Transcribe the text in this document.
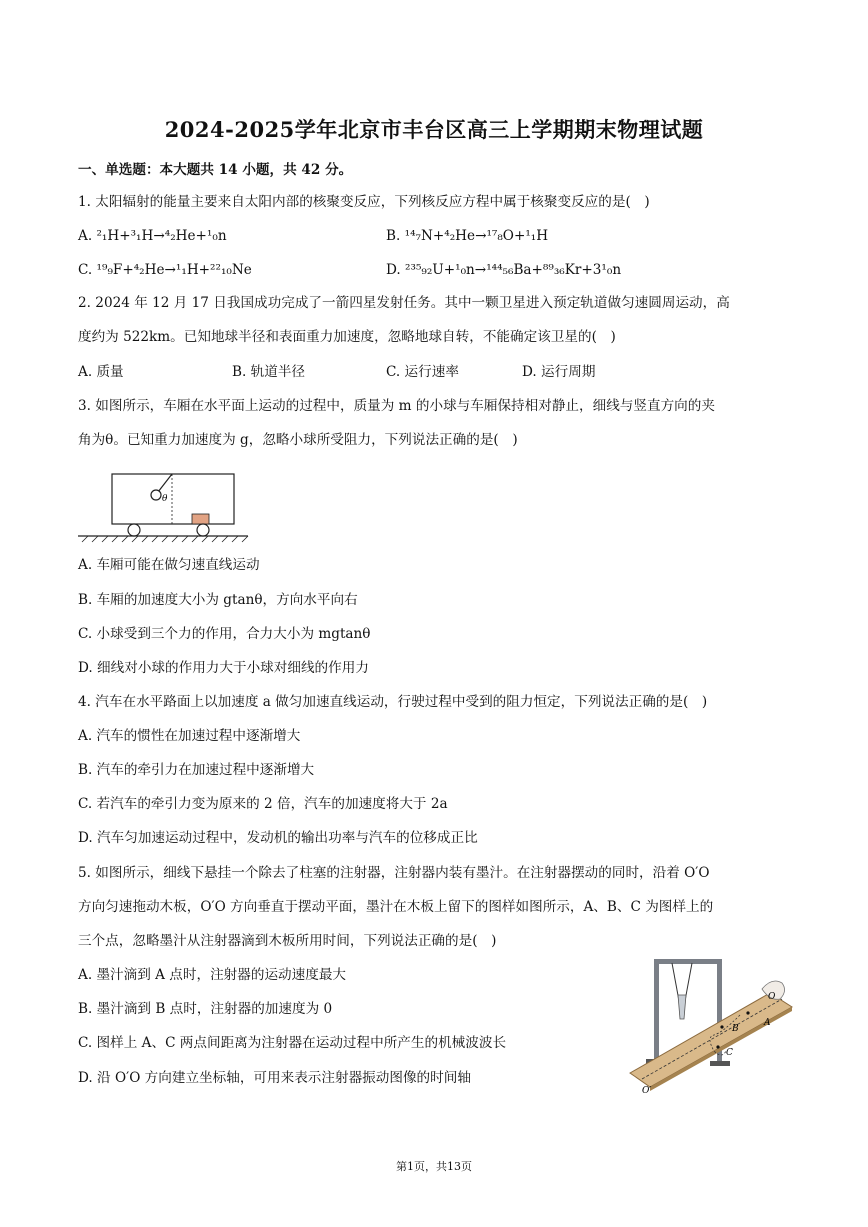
2024-2025学年北京市丰台区高三上学期期末物理试题
一、单选题：本大题共 14 小题，共 42 分。
1. 太阳辐射的能量主要来自太阳内部的核聚变反应，下列核反应方程中属于核聚变反应的是(　)
A. ²₁H+³₁H→⁴₂He+¹₀n	B. ¹⁴₇N+⁴₂He→¹⁷₈O+¹₁H
C. ¹⁹₉F+⁴₂He→¹₁H+²²₁₀Ne	D. ²³⁵₉₂U+¹₀n→¹⁴⁴₅₆Ba+⁸⁹₃₆Kr+3¹₀n
2. 2024 年 12 月 17 日我国成功完成了一箭四星发射任务。其中一颗卫星进入预定轨道做匀速圆周运动，高
度约为 522km。已知地球半径和表面重力加速度，忽略地球自转，不能确定该卫星的(　)
A. 质量	B. 轨道半径	C. 运行速率	D. 运行周期
3. 如图所示，车厢在水平面上运动的过程中，质量为 m 的小球与车厢保持相对静止，细线与竖直方向的夹
角为θ。已知重力加速度为 g，忽略小球所受阻力，下列说法正确的是(　)
θ
A. 车厢可能在做匀速直线运动
B. 车厢的加速度大小为 gtanθ，方向水平向右
C. 小球受到三个力的作用，合力大小为 mgtanθ
D. 细线对小球的作用力大于小球对细线的作用力
4. 汽车在水平路面上以加速度 a 做匀加速直线运动，行驶过程中受到的阻力恒定，下列说法正确的是(　)
A. 汽车的惯性在加速过程中逐渐增大
B. 汽车的牵引力在加速过程中逐渐增大
C. 若汽车的牵引力变为原来的 2 倍，汽车的加速度将大于 2a
D. 汽车匀加速运动过程中，发动机的输出功率与汽车的位移成正比
5. 如图所示，细线下悬挂一个除去了柱塞的注射器，注射器内装有墨汁。在注射器摆动的同时，沿着 O′O
方向匀速拖动木板，O′O 方向垂直于摆动平面，墨汁在木板上留下的图样如图所示，A、B、C 为图样上的
三个点，忽略墨汁从注射器滴到木板所用时间，下列说法正确的是(　)
A. 墨汁滴到 A 点时，注射器的运动速度最大
B. 墨汁滴到 B 点时，注射器的加速度为 0
C. 图样上 A、C 两点间距离为注射器在运动过程中所产生的机械波波长
D. 沿 O′O 方向建立坐标轴，可用来表示注射器振动图像的时间轴
O
O′
A
B
C
第1页，共13页
